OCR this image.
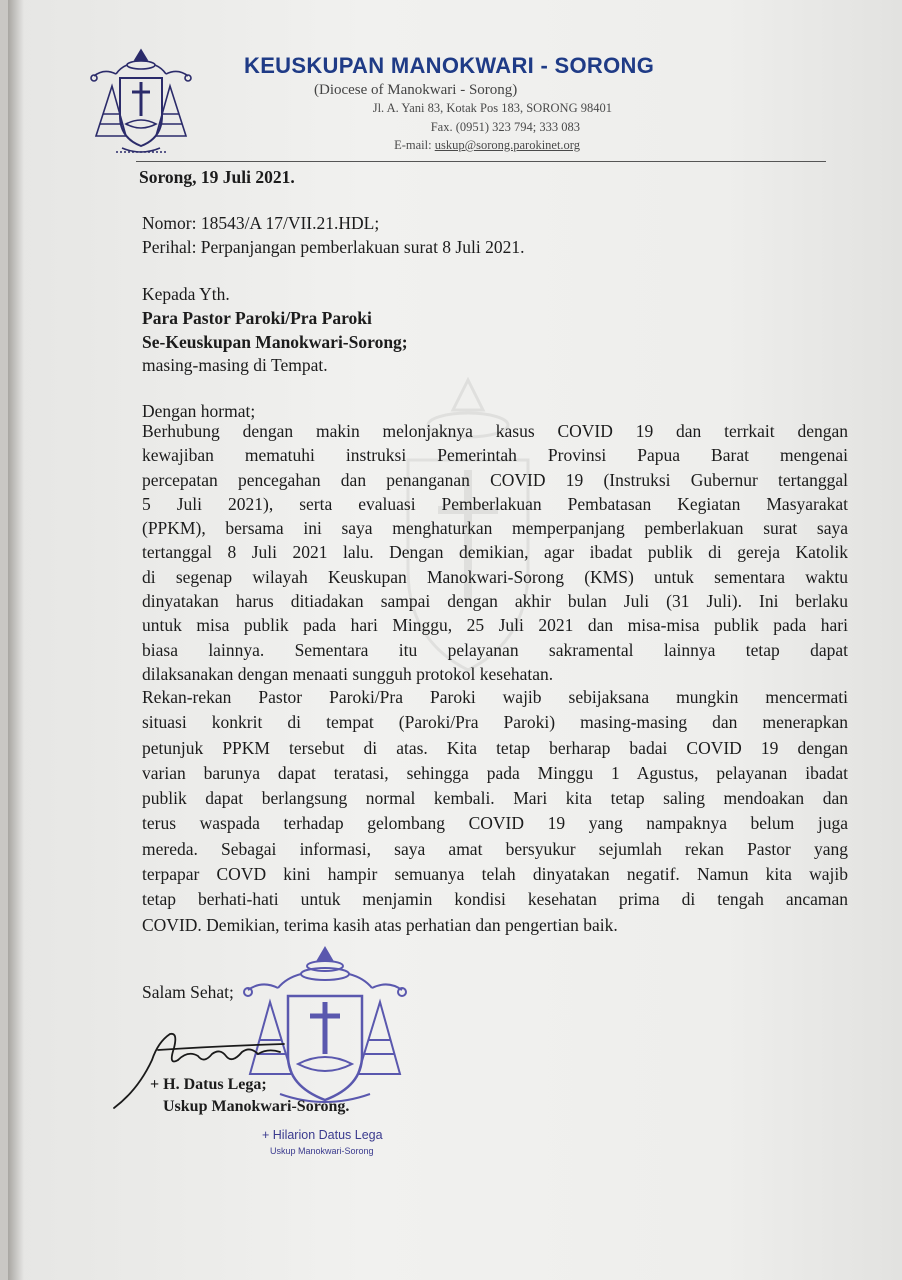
KEUSKUPAN MANOKWARI - SORONG
(Diocese of Manokwari - Sorong)
Jl. A. Yani 83, Kotak Pos 183, SORONG 98401
Fax. (0951) 323 794; 333 083
E-mail: uskup@sorong.parokinet.org
Sorong, 19 Juli 2021.
Nomor: 18543/A 17/VII.21.HDL;
Perihal: Perpanjangan pemberlakuan surat 8 Juli 2021.
Kepada Yth.
Para Pastor Paroki/Pra Paroki
Se-Keuskupan Manokwari-Sorong;
masing-masing di Tempat.
Dengan hormat;
Berhubung dengan makin melonjaknya kasus COVID 19 dan terrkait dengan
kewajiban mematuhi instruksi Pemerintah Provinsi Papua Barat mengenai
percepatan pencegahan dan penanganan COVID 19 (Instruksi Gubernur tertanggal
5 Juli 2021), serta evaluasi Pemberlakuan Pembatasan Kegiatan Masyarakat
(PPKM), bersama ini saya menghaturkan memperpanjang pemberlakuan surat saya
tertanggal 8 Juli 2021 lalu. Dengan demikian, agar ibadat publik di gereja Katolik
di segenap wilayah Keuskupan Manokwari-Sorong (KMS) untuk sementara waktu
dinyatakan harus ditiadakan sampai dengan akhir bulan Juli (31 Juli). Ini berlaku
untuk misa publik pada hari Minggu, 25 Juli 2021 dan misa-misa publik pada hari
biasa lainnya. Sementara itu pelayanan sakramental lainnya tetap dapat
dilaksanakan dengan menaati sungguh protokol kesehatan.
Rekan-rekan Pastor Paroki/Pra Paroki wajib sebijaksana mungkin mencermati
situasi konkrit di tempat (Paroki/Pra Paroki) masing-masing dan menerapkan
petunjuk PPKM tersebut di atas. Kita tetap berharap badai COVID 19 dengan
varian barunya dapat teratasi, sehingga pada Minggu 1 Agustus, pelayanan ibadat
publik dapat berlangsung normal kembali. Mari kita tetap saling mendoakan dan
terus waspada terhadap gelombang COVID 19 yang nampaknya belum juga
mereda. Sebagai informasi, saya amat bersyukur sejumlah rekan Pastor yang
terpapar COVD kini hampir semuanya telah dinyatakan negatif. Namun kita wajib
tetap berhati-hati untuk menjamin kondisi kesehatan prima di tengah ancaman
COVID. Demikian, terima kasih atas perhatian dan pengertian baik.
Salam Sehat;
+ H. Datus Lega;
Uskup Manokwari-Sorong.
+ Hilarion Datus Lega
Uskup Manokwari-Sorong
